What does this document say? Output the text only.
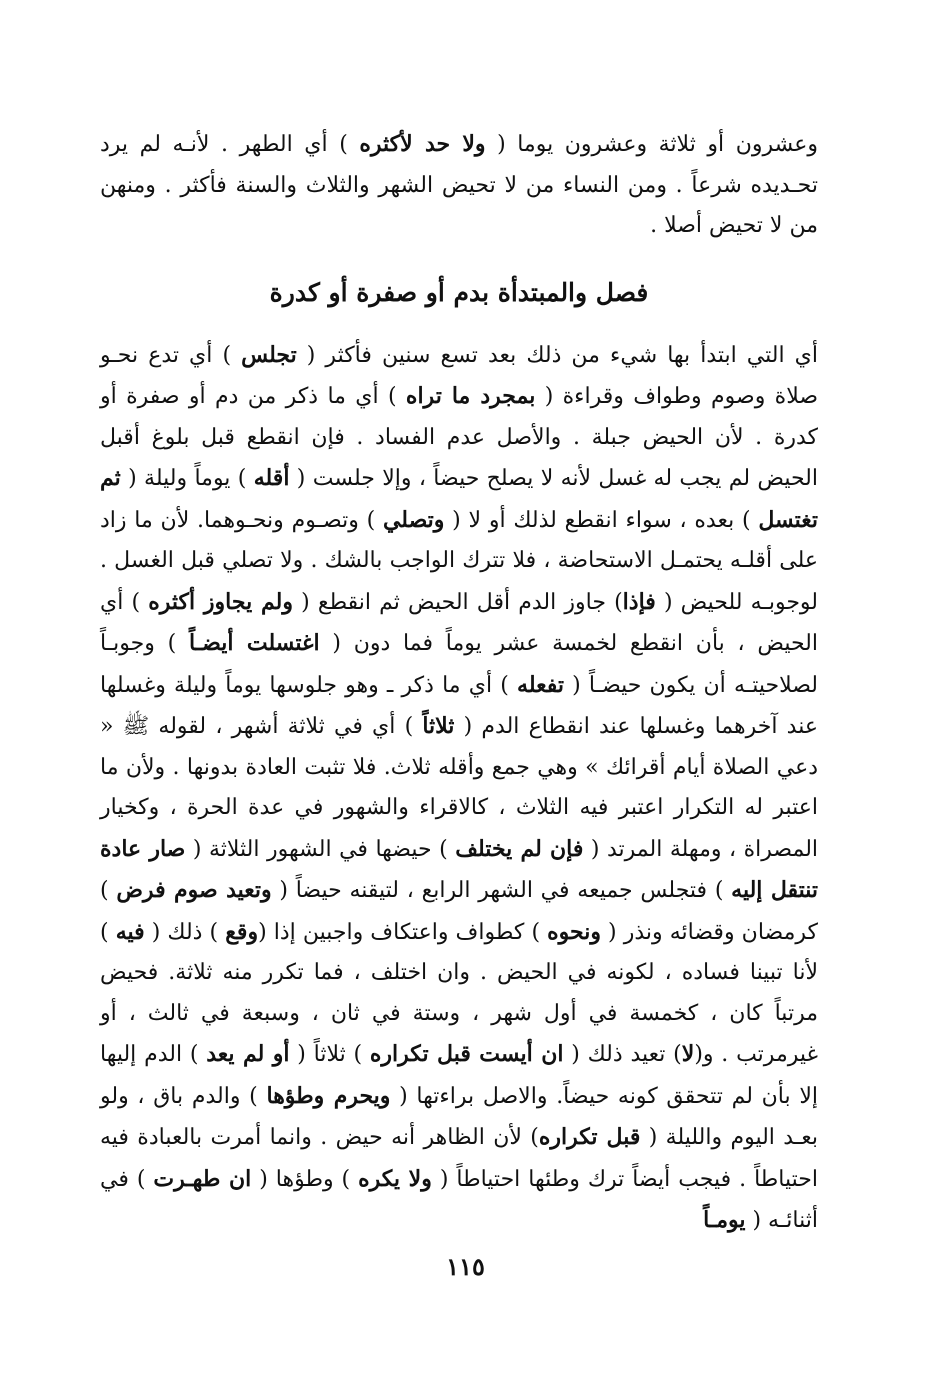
وعشرون أو ثلاثة وعشرون يوما ( ولا حد لأكثره ) أي الطهر . لأنـه لم يرد تحـديده شرعاً . ومن النساء من لا تحيض الشهر والثلاث والسنة فأكثر . ومنهن من لا تحيض أصلا .

فصل والمبتدأة بدم أو صفرة أو كدرة

أي التي ابتدأ بها شيء من ذلك بعد تسع سنين فأكثر ( تجلس ) أي تدع نحـو صلاة وصوم وطواف وقراءة ( بمجرد ما تراه ) أي ما ذكر من دم أو صفرة أو كدرة . لأن الحيض جبلة . والأصل عدم الفساد . فإن انقطع قبل بلوغ أقبل الحيض لم يجب له غسل لأنه لا يصلح حيضاً ، وإلا جلست ( أقله ) يوماً وليلة ( ثم تغتسل ) بعده ، سواء انقطع لذلك أو لا ( وتصلي ) وتصـوم ونحـوهما. لأن ما زاد على أقلـه يحتمـل الاستحاضة ، فلا تترك الواجب بالشك . ولا تصلي قبل الغسل . لوجوبـه للحيض ( فإذا) جاوز الدم أقل الحيض ثم انقطع ( ولم يجاوز أكثره ) أي الحيض ، بأن انقطع لخمسة عشر يوماً فما دون ( اغتسلت أيضـاً ) وجوبـاً لصلاحيتـه أن يكون حيضـاً ( تفعله ) أي ما ذكر ـ وهو جلوسها يوماً وليلة وغسلها عند آخرهما وغسلها عند انقطاع الدم ( ثلاثاً ) أي في ثلاثة أشهر ، لقوله ﷺ « دعي الصلاة أيام أقرائك » وهي جمع وأقله ثلاث. فلا تثبت العادة بدونها . ولأن ما اعتبر له التكرار اعتبر فيه الثلاث ، كالاقراء والشهور في عدة الحرة ، وكخيار المصراة ، ومهلة المرتد ( فإن لم يختلف ) حيضها في الشهور الثلاثة ( صار عادة تنتقل إليه ) فتجلس جميعه في الشهر الرابع ، لتيقنه حيضاً ( وتعيد صوم فرض ) كرمضان وقضائه ونذر ( ونحوه ) كطواف واعتكاف واجبين إذا (وقع ) ذلك ( فيه ) لأنا تبينا فساده ، لكونه في الحيض . وان اختلف ، فما تكرر منه ثلاثة. فحيض مرتباً كان ، كخمسة في أول شهر ، وستة في ثان ، وسبعة في ثالث ، أو غيرمرتب . و(لا) تعيد ذلك ( ان أيست قبل تكراره ) ثلاثاً ( أو لم يعد ) الدم إليها إلا بأن لم تتحقق كونه حيضاً. والاصل براءتها ( ويحرم وطؤها ) والدم باق ، ولو بعـد اليوم والليلة ( قبل تكراره) لأن الظاهر أنه حيض . وانما أمرت بالعبادة فيه احتياطاً . فيجب أيضاً ترك وطئها احتياطاً ( ولا يكره ) وطؤها ( ان طهـرت ) في أثنائـه ( يومـاً

١١٥
